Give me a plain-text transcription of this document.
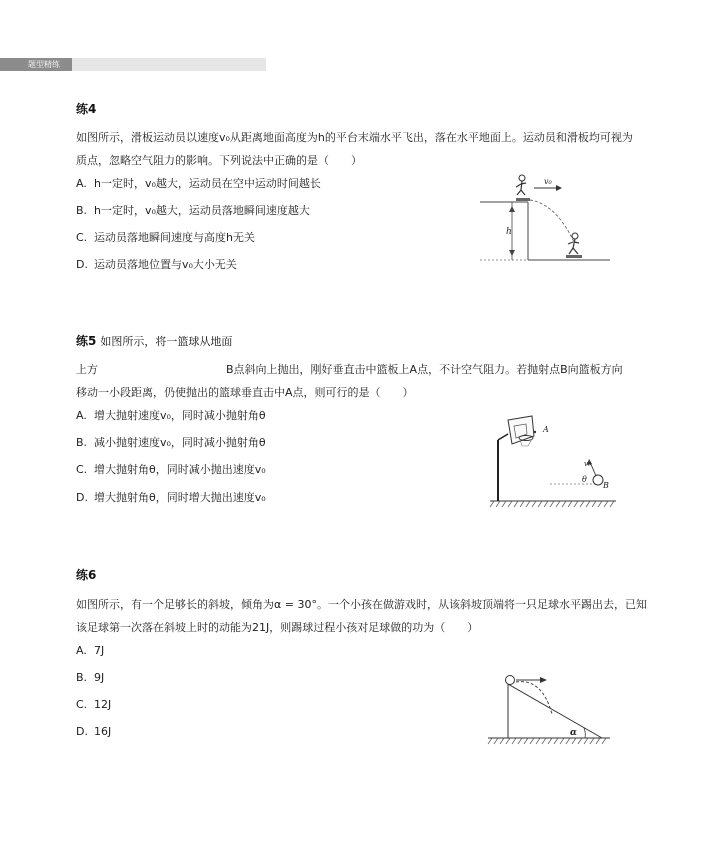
题型精练
练4
如图所示，滑板运动员以速度v₀从距离地面高度为h的平台末端水平飞出，落在水平地面上。运动员和滑板均可视为
质点，忽略空气阻力的影响。下列说法中正确的是（　　）
A. h一定时，v₀越大，运动员在空中运动时间越长
B. h一定时，v₀越大，运动员落地瞬间速度越大
C. 运动员落地瞬间速度与高度h无关
D. 运动员落地位置与v₀大小无关
h
v₀
练5 如图所示，将一篮球从地面
上方	B点斜向上抛出，刚好垂直击中篮板上A点，不计空气阻力。若抛射点B向篮板方向
移动一小段距离，仍使抛出的篮球垂直击中A点，则可行的是（　　）
A. 增大抛射速度v₀，同时减小抛射角θ
B. 减小抛射速度v₀，同时减小抛射角θ
C. 增大抛射角θ，同时减小抛出速度v₀
D. 增大抛射角θ，同时增大抛出速度v₀
A
v₀
θ
B
练6
如图所示，有一个足够长的斜坡，倾角为α = 30°。一个小孩在做游戏时，从该斜坡顶端将一只足球水平踢出去，已知
该足球第一次落在斜坡上时的动能为21J，则踢球过程小孩对足球做的功为（　　）
A. 7J
B. 9J
C. 12J
D. 16J	α
